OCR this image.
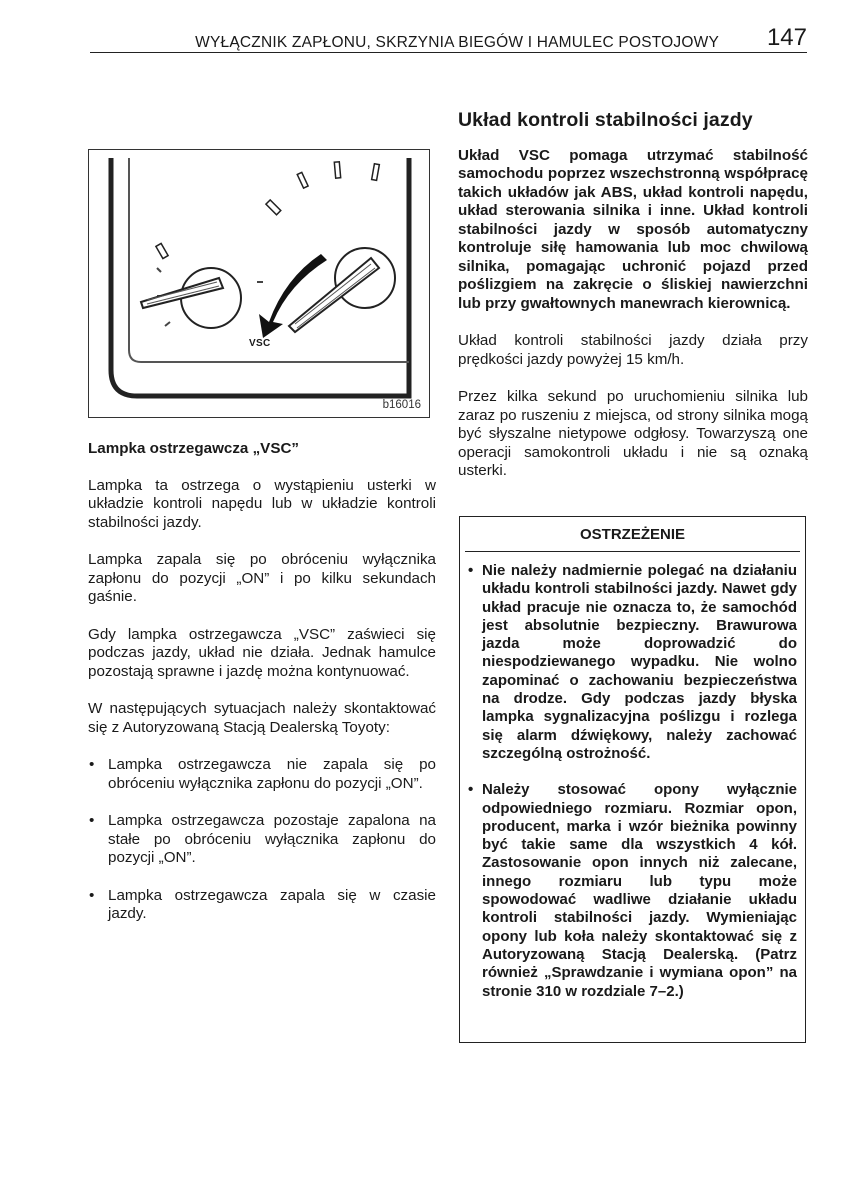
WYŁĄCZNIK ZAPŁONU, SKRZYNIA BIEGÓW I HAMULEC POSTOJOWY 147
VSC
b16016

Lampka ostrzegawcza „VSC”

Lampka ta ostrzega o wystąpieniu usterki w układzie kontroli napędu lub w układzie kontroli stabilności jazdy.

Lampka zapala się po obróceniu wyłącznika zapłonu do pozycji „ON” i po kilku sekundach gaśnie.

Gdy lampka ostrzegawcza „VSC” zaświeci się podczas jazdy, układ nie działa. Jednak hamulce pozostają sprawne i jazdę można kontynuować.

W następujących sytuacjach należy skontaktować się z Autoryzowaną Stacją Dealerską Toyoty:

• Lampka ostrzegawcza nie zapala się po obróceniu wyłącznika zapłonu do pozycji „ON”.
• Lampka ostrzegawcza pozostaje zapalona na stałe po obróceniu wyłącznika zapłonu do pozycji „ON”.
• Lampka ostrzegawcza zapala się w czasie jazdy.
Układ kontroli stabilności jazdy

Układ VSC pomaga utrzymać stabilność samochodu poprzez wszechstronną współpracę takich układów jak ABS, układ kontroli napędu, układ sterowania silnika i inne. Układ kontroli stabilności jazdy w sposób automatyczny kontroluje siłę hamowania lub moc chwilową silnika, pomagając uchronić pojazd przed poślizgiem na zakręcie o śliskiej nawierzchni lub przy gwałtownych manewrach kierownicą.

Układ kontroli stabilności jazdy działa przy prędkości jazdy powyżej 15 km/h.

Przez kilka sekund po uruchomieniu silnika lub zaraz po ruszeniu z miejsca, od strony silnika mogą być słyszalne nietypowe odgłosy. Towarzyszą one operacji samokontroli układu i nie są oznaką usterki.

OSTRZEŻENIE
• Nie należy nadmiernie polegać na działaniu układu kontroli stabilności jazdy. Nawet gdy układ pracuje nie oznacza to, że samochód jest absolutnie bezpieczny. Brawurowa jazda może doprowadzić do niespodziewanego wypadku. Nie wolno zapominać o zachowaniu bezpieczeństwa na drodze. Gdy podczas jazdy błyska lampka sygnalizacyjna poślizgu i rozlega się alarm dźwiękowy, należy zachować szczególną ostrożność.
• Należy stosować opony wyłącznie odpowiedniego rozmiaru. Rozmiar opon, producent, marka i wzór bieżnika powinny być takie same dla wszystkich 4 kół. Zastosowanie opon innych niż zalecane, innego rozmiaru lub typu może spowodować wadliwe działanie układu kontroli stabilności jazdy. Wymieniając opony lub koła należy skontaktować się z Autoryzowaną Stacją Dealerską. (Patrz również „Sprawdzanie i wymiana opon” na stronie 310 w rozdziale 7–2.)
